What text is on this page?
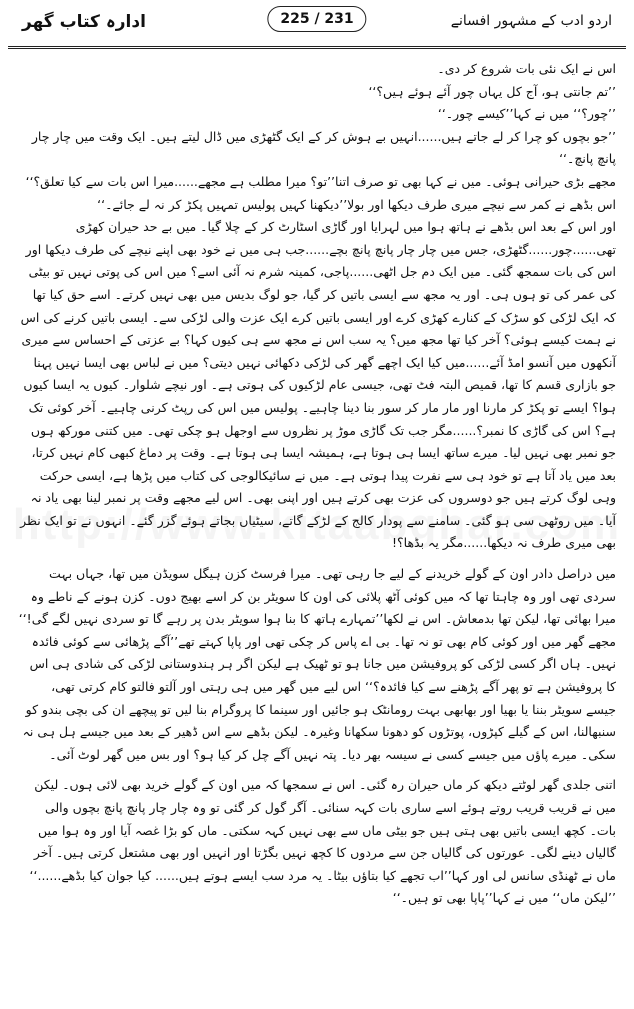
ادارہ کتاب گھر	225 / 231	اردو ادب کے مشہور افسانے

اس نے ایک نئی بات شروع کر دی۔

’’تم جانتی ہو، آج کل یہاں چور آئے ہوئے ہیں؟‘‘

’’چور؟‘‘ میں نے کہا’’کیسے چور۔‘‘

’’جو بچوں کو چرا کر لے جاتے ہیں......انہیں بے ہوش کر کے ایک گٹھڑی میں ڈال لیتے ہیں۔ ایک وقت میں چار چار پانچ پانچ۔‘‘

مجھے بڑی حیرانی ہوئی۔ میں نے کہا بھی تو صرف اتنا’’تو؟ میرا مطلب ہے مجھے......میرا اس بات سے کیا تعلق؟‘‘

اس بڈھے نے کمر سے نیچے میری طرف دیکھا اور بولا’’دیکھنا کہیں پولیس تمہیں پکڑ کر نہ لے جائے۔‘‘

اور اس کے بعد اس بڈھے نے ہاتھ ہوا میں لہرایا اور گاڑی اسٹارٹ کر کے چلا گیا۔ میں بے حد حیران کھڑی تھی......چور......گٹھڑی، جس میں چار چار پانچ پانچ بچے......جب ہی میں نے خود بھی اپنے نیچے کی طرف دیکھا اور اس کی بات سمجھ گئی۔ میں ایک دم جل اٹھی......پاجی، کمینہ شرم نہ آئی اسے؟ میں اس کی پوتی نہیں تو بیٹی کی عمر کی تو ہوں ہی۔ اور یہ مجھ سے ایسی باتیں کر گیا، جو لوگ بدیس میں بھی نہیں کرتے۔ اسے حق کیا تھا کہ ایک لڑکی کو سڑک کے کنارے کھڑی کرے اور ایسی باتیں کرے ایک عزت والی لڑکی سے۔ ایسی باتیں کرنے کی اس نے ہمت کیسے ہوئی؟ آخر کیا تھا مجھ میں؟ یہ سب اس نے مجھ سے ہی کیوں کہا؟ بے عزتی کے احساس سے میری آنکھوں میں آنسو امڈ آئے......میں کیا ایک اچھے گھر کی لڑکی دکھائی نہیں دیتی؟ میں نے لباس بھی ایسا نہیں پہنا جو بازاری قسم کا تھا، قمیص البتہ فٹ تھی، جیسی عام لڑکیوں کی ہوتی ہے۔ اور نیچے شلوار۔ کیوں یہ ایسا کیوں ہوا؟ ایسے تو پکڑ کر مارنا اور مار مار کر سور بنا دینا چاہیے۔ پولیس میں اس کی رپٹ کرنی چاہیے۔ آخر کوئی تک ہے؟ اس کی گاڑی کا نمبر؟......مگر جب تک گاڑی موڑ پر نظروں سے اوجھل ہو چکی تھی۔ میں کتنی مورکھ ہوں جو نمبر بھی نہیں لیا۔ میرے ساتھ ایسا ہی ہوتا ہے، ہمیشہ ایسا ہی ہوتا ہے۔ وقت پر دماغ کبھی کام نہیں کرتا، بعد میں یاد آتا ہے تو خود ہی سے نفرت پیدا ہوتی ہے۔ میں نے سائیکالوجی کی کتاب میں پڑھا ہے، ایسی حرکت وہی لوگ کرتے ہیں جو دوسروں کی عزت بھی کرتے ہیں اور اپنی بھی۔ اس لیے مجھے وقت پر نمبر لینا بھی یاد نہ آیا۔ میں روٹھی سی ہو گئی۔ سامنے سے پودار کالج کے لڑکے گاتے، سیٹیاں بجاتے ہوئے گزر گئے۔ انہوں نے تو ایک نظر بھی میری طرف نہ دیکھا......مگر یہ بڈھا؟!

میں دراصل دادر اون کے گولے خریدنے کے لیے جا رہی تھی۔ میرا فرسٹ کزن ہیگل سویڈن میں تھا، جہاں بہت سردی تھی اور وہ چاہتا تھا کہ میں کوئی آٹھ پلائی کی اون کا سویٹر بن کر اسے بھیج دوں۔ کزن ہونے کے ناطے وہ میرا بھائی تھا، لیکن تھا بدمعاش۔ اس نے لکھا’’تمہارے ہاتھ کا بنا ہوا سویٹر بدن پر رہے گا تو سردی نہیں لگے گی!‘‘ مجھے گھر میں اور کوئی کام بھی تو نہ تھا۔ بی اے پاس کر چکی تھی اور پاپا کہتے تھے’’آگے پڑھائی سے کوئی فائدہ نہیں۔ ہاں اگر کسی لڑکی کو پروفیشن میں جانا ہو تو ٹھیک ہے لیکن اگر ہر ہندوستانی لڑکی کی شادی ہی اس کا پروفیشن ہے تو پھر آگے پڑھنے سے کیا فائدہ؟‘‘ اس لیے میں گھر میں ہی رہتی اور آلتو فالتو کام کرتی تھی، جیسے سویٹر بننا یا بھیا اور بھابھی بہت رومانٹک ہو جائیں اور سینما کا پروگرام بنا لیں تو پیچھے ان کی بچی بندو کو سنبھالنا، اس کے گیلے کپڑوں، پوتڑوں کو دھونا سکھانا وغیرہ۔ لیکن بڈھے سے اس ڈھیر کے بعد میں جیسے ہل ہی نہ سکی۔ میرے پاؤں میں جیسے کسی نے سیسہ بھر دیا۔ پتہ نہیں آگے چل کر کیا ہو؟ اور بس میں گھر لوٹ آئی۔

اتنی جلدی گھر لوٹتے دیکھ کر ماں حیران رہ گئی۔ اس نے سمجھا کہ میں اون کے گولے خرید بھی لائی ہوں۔ لیکن میں نے قریب قریب روتے ہوئے اسے ساری بات کہہ سنائی۔ آگر گول کر گئی تو وہ چار چار پانچ پانچ بچوں والی بات۔ کچھ ایسی باتیں بھی ہتی ہیں جو بیٹی ماں سے بھی نہیں کہہ سکتی۔ ماں کو بڑا غصہ آیا اور وہ ہوا میں گالیاں دینے لگی۔ عورتوں کی گالیاں جن سے مردوں کا کچھ نہیں بگڑتا اور انہیں اور بھی مشتعل کرتی ہیں۔ آخر ماں نے ٹھنڈی سانس لی اور کہا’’اب تجھے کیا بتاؤں بیٹا۔ یہ مرد سب ایسے ہوتے ہیں...... کیا جوان کیا بڈھے......‘‘ ’’لیکن ماں‘‘ میں نے کہا’’پاپا بھی تو ہیں۔‘‘
